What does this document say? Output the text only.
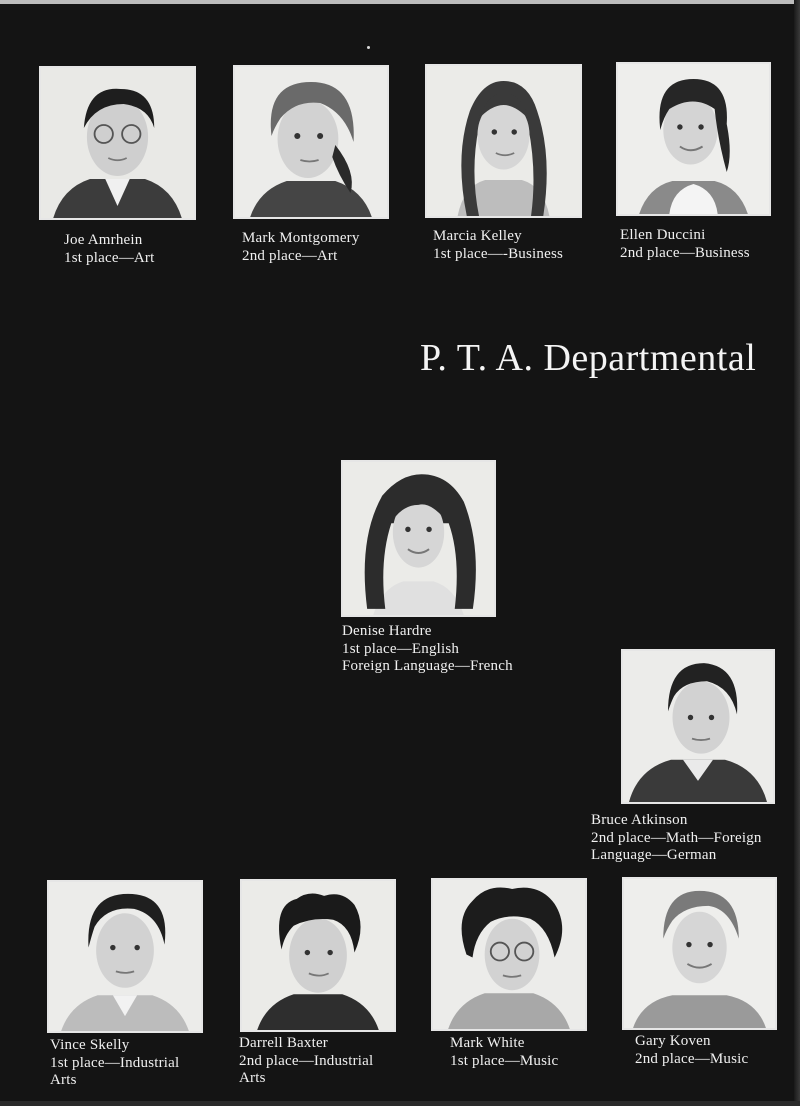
Joe Amrhein
1st place—Art
Mark Montgomery
2nd place—Art
Marcia Kelley
1st place—-Business
Ellen Duccini
2nd place—Business
P. T. A. Departmental
Denise Hardre
1st place—English
Foreign Language—French
Bruce Atkinson
2nd place—Math—Foreign
Language—German
Vince Skelly
1st place—Industrial
Arts
Darrell Baxter
2nd place—Industrial
Arts
Mark White
1st place—Music
Gary Koven
2nd place—Music
